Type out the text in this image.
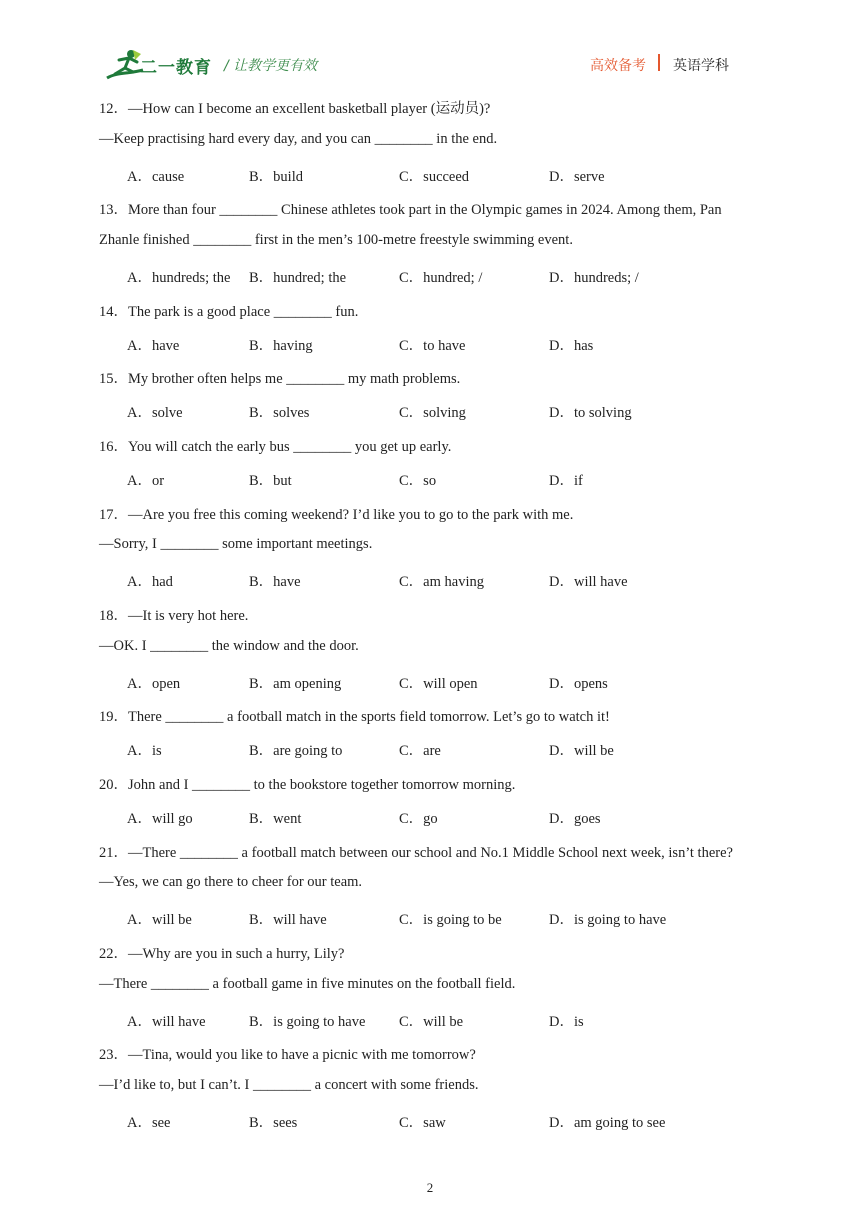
二一教育 / 让教学更有效	高效备考 英语学科
12．—How can I become an excellent basketball player (运动员)?
—Keep practising hard every day, and you can ________ in the end.
A．cause	B．build	C．succeed	D．serve
13．More than four ________ Chinese athletes took part in the Olympic games in 2024. Among them, Pan
Zhanle finished ________ first in the men’s 100-metre freestyle swimming event.
A．hundreds; the B．hundred; the	C．hundred; /	D．hundreds; /
14．The park is a good place ________ fun.
A．have	B．having	C．to have	D．has
15．My brother often helps me ________ my math problems.
A．solve	B．solves	C．solving	D．to solving
16．You will catch the early bus ________ you get up early.
A．or	B．but	C．so	D．if
17．—Are you free this coming weekend? I’d like you to go to the park with me.
—Sorry, I ________ some important meetings.
A．had	B．have	C．am having	D．will have
18．—It is very hot here.
—OK. I ________ the window and the door.
A．open	B．am opening	C．will open	D．opens
19．There ________ a football match in the sports field tomorrow. Let’s go to watch it!
A．is	B．are going to	C．are	D．will be
20．John and I ________ to the bookstore together tomorrow morning.
A．will go	B．went	C．go	D．goes
21．—There ________ a football match between our school and No.1 Middle School next week, isn’t there?
—Yes, we can go there to cheer for our team.
A．will be	B．will have	C．is going to be	D．is going to have
22．—Why are you in such a hurry, Lily?
—There ________ a football game in five minutes on the football field.
A．will have	B．is going to have C．will be	D．is
23．—Tina, would you like to have a picnic with me tomorrow?
—I’d like to, but I can’t. I ________ a concert with some friends.
A．see	B．sees	C．saw	D．am going to see
2
